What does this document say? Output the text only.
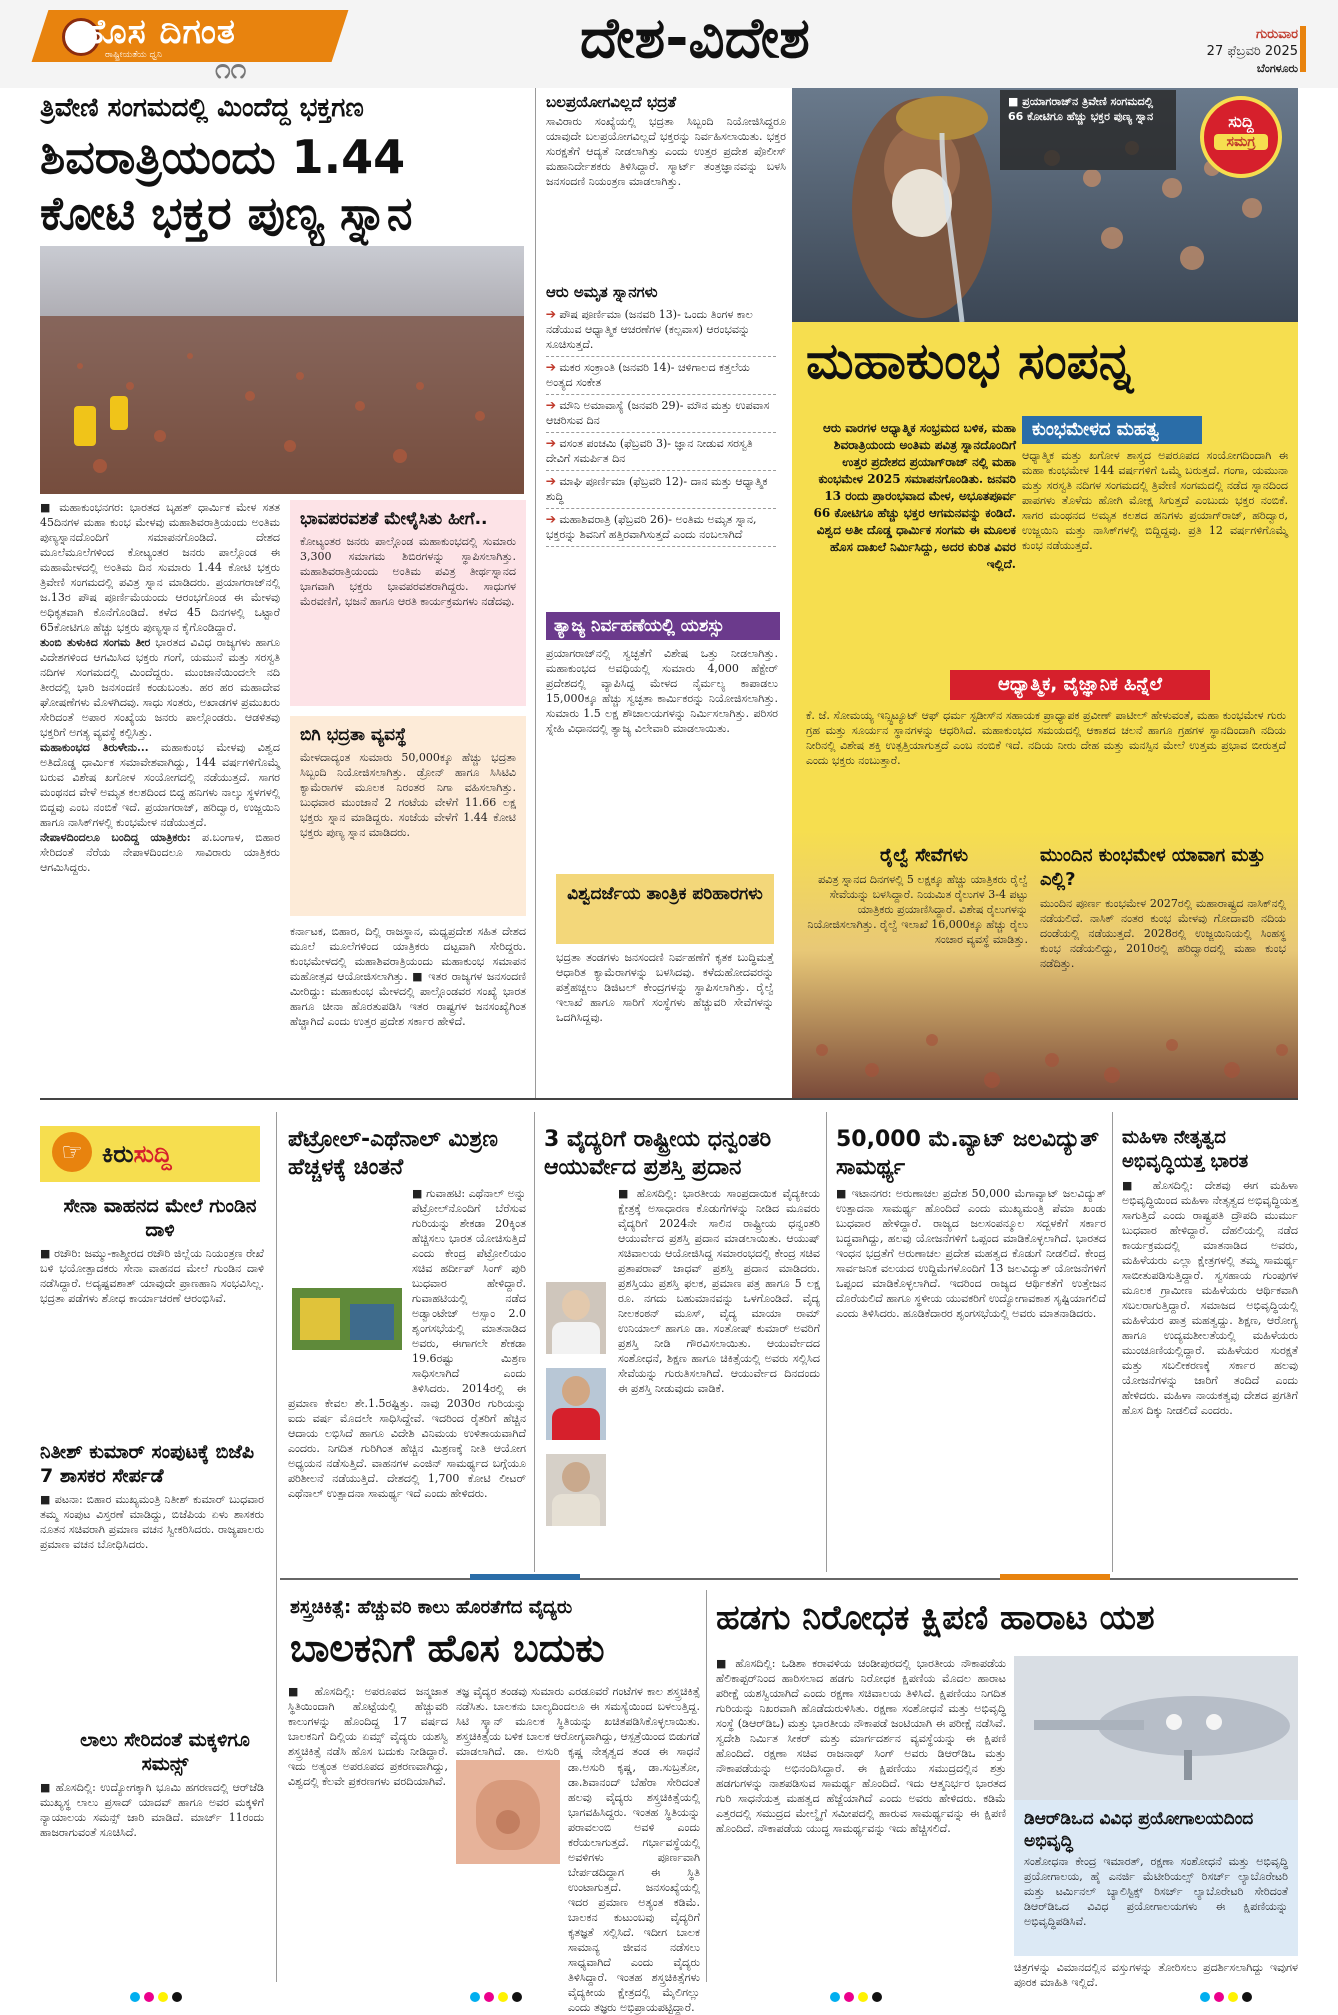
ಹೊಸ ದಿಗಂತ
ರಾಷ್ಟ್ರೀಯತೆಯ ಧ್ವನಿ ೧೧	ದೇಶ-ವಿದೇಶ	ಗುರುವಾರ
27 ಫೆಬ್ರವರಿ 2025
ಬೆಂಗಳೂರು
ತ್ರಿವೇಣಿ ಸಂಗಮದಲ್ಲಿ ಮಿಂದೆದ್ದ ಭಕ್ತಗಣ
ಶಿವರಾತ್ರಿಯಂದು 1.44
ಕೋಟಿ ಭಕ್ತರ ಪುಣ್ಯ ಸ್ನಾನ
■ ಮಹಾಕುಂಭನಗರ: ಭಾರತದ ಬೃಹತ್ ಧಾರ್ಮಿಕ ಮೇಳ ಸತತ 45ದಿನಗಳ ಮಹಾ ಕುಂಭ ಮೇಳವು ಮಹಾಶಿವರಾತ್ರಿಯಂದು ಅಂತಿಮ ಪುಣ್ಯಸ್ನಾನದೊಂದಿಗೆ ಸಮಾಪನಗೊಂಡಿದೆ. ದೇಶದ ಮೂಲೆಮೂಲೆಗಳಿಂದ ಕೋಟ್ಯಂತರ ಜನರು ಪಾಲ್ಗೊಂಡ ಈ ಮಹಾಮೇಳದಲ್ಲಿ ಅಂತಿಮ ದಿನ ಸುಮಾರು 1.44 ಕೋಟಿ ಭಕ್ತರು ತ್ರಿವೇಣಿ ಸಂಗಮದಲ್ಲಿ ಪವಿತ್ರ ಸ್ನಾನ ಮಾಡಿದರು. ಪ್ರಯಾಗರಾಜ್‌ನಲ್ಲಿ ಜ.13ರ ಪೌಷ ಪೂರ್ಣಿಮೆಯಂದು ಆರಂಭಗೊಂಡ ಈ ಮೇಳವು ಅಧಿಕೃತವಾಗಿ ಕೊನೆಗೊಂಡಿದೆ. ಕಳೆದ 45 ದಿನಗಳಲ್ಲಿ ಒಟ್ಟಾರೆ 65ಕೋಟಿಗೂ ಹೆಚ್ಚು ಭಕ್ತರು ಪುಣ್ಯಸ್ನಾನ ಕೈಗೊಂಡಿದ್ದಾರೆ.
ತುಂಬಿ ತುಳುಕಿದ ಸಂಗಮ ತೀರ ಭಾರತದ ವಿವಿಧ ರಾಜ್ಯಗಳು ಹಾಗೂ ವಿದೇಶಗಳಿಂದ ಆಗಮಿಸಿದ ಭಕ್ತರು ಗಂಗೆ, ಯಮುನೆ ಮತ್ತು ಸರಸ್ವತಿ ನದಿಗಳ ಸಂಗಮದಲ್ಲಿ ಮಿಂದೆದ್ದರು. ಮುಂಜಾನೆಯಿಂದಲೇ ನದಿ ತೀರದಲ್ಲಿ ಭಾರಿ ಜನಸಂದಣಿ ಕಂಡುಬಂತು. ಹರ ಹರ ಮಹಾದೇವ ಘೋಷಣೆಗಳು ಮೊಳಗಿದವು. ಸಾಧು ಸಂತರು, ಅಖಾಡಗಳ ಪ್ರಮುಖರು ಸೇರಿದಂತೆ ಅಪಾರ ಸಂಖ್ಯೆಯ ಜನರು ಪಾಲ್ಗೊಂಡರು. ಆಡಳಿತವು ಭಕ್ತರಿಗೆ ಅಗತ್ಯ ವ್ಯವಸ್ಥೆ ಕಲ್ಪಿಸಿತ್ತು.
ಮಹಾಕುಂಭದ ತಿರುಳೇನು... ಮಹಾಕುಂಭ ಮೇಳವು ವಿಶ್ವದ ಅತಿದೊಡ್ಡ ಧಾರ್ಮಿಕ ಸಮಾವೇಶವಾಗಿದ್ದು, 144 ವರ್ಷಗಳಿಗೊಮ್ಮೆ ಬರುವ ವಿಶೇಷ ಖಗೋಳ ಸಂಯೋಗದಲ್ಲಿ ನಡೆಯುತ್ತದೆ. ಸಾಗರ ಮಂಥನದ ವೇಳೆ ಅಮೃತ ಕಲಶದಿಂದ ಬಿದ್ದ ಹನಿಗಳು ನಾಲ್ಕು ಸ್ಥಳಗಳಲ್ಲಿ ಬಿದ್ದವು ಎಂಬ ನಂಬಿಕೆ ಇದೆ. ಪ್ರಯಾಗರಾಜ್, ಹರಿದ್ವಾರ, ಉಜ್ಜಯಿನಿ ಹಾಗೂ ನಾಸಿಕ್‌ಗಳಲ್ಲಿ ಕುಂಭಮೇಳ ನಡೆಯುತ್ತದೆ.
ನೇಪಾಳದಿಂದಲೂ ಬಂದಿದ್ದ ಯಾತ್ರಿಕರು: ಪ.ಬಂಗಾಳ, ಬಿಹಾರ ಸೇರಿದಂತೆ ನೆರೆಯ ನೇಪಾಳದಿಂದಲೂ ಸಾವಿರಾರು ಯಾತ್ರಿಕರು ಆಗಮಿಸಿದ್ದರು.
ಭಾವಪರವಶತೆ ಮೇಳೈಸಿತು ಹೀಗೆ..
ಕೋಟ್ಯಂತರ ಜನರು ಪಾಲ್ಗೊಂಡ ಮಹಾಕುಂಭದಲ್ಲಿ ಸುಮಾರು 3,300 ಸಮಾಗಮ ಶಿಬಿರಗಳನ್ನು ಸ್ಥಾಪಿಸಲಾಗಿತ್ತು. ಮಹಾಶಿವರಾತ್ರಿಯಂದು ಅಂತಿಮ ಪವಿತ್ರ ತೀರ್ಥಸ್ನಾನದ ಭಾಗವಾಗಿ ಭಕ್ತರು ಭಾವಪರವಶರಾಗಿದ್ದರು. ಸಾಧುಗಳ ಮೆರವಣಿಗೆ, ಭಜನೆ ಹಾಗೂ ಆರತಿ ಕಾರ್ಯಕ್ರಮಗಳು ನಡೆದವು.
ಬಿಗಿ ಭದ್ರತಾ ವ್ಯವಸ್ಥೆ
ಮೇಳದಾದ್ಯಂತ ಸುಮಾರು 50,000ಕ್ಕೂ ಹೆಚ್ಚು ಭದ್ರತಾ ಸಿಬ್ಬಂದಿ ನಿಯೋಜಿಸಲಾಗಿತ್ತು. ಡ್ರೋನ್ ಹಾಗೂ ಸಿಸಿಟಿವಿ ಕ್ಯಾಮೆರಾಗಳ ಮೂಲಕ ನಿರಂತರ ನಿಗಾ ವಹಿಸಲಾಗಿತ್ತು. ಬುಧವಾರ ಮುಂಜಾನೆ 2 ಗಂಟೆಯ ವೇಳೆಗೆ 11.66 ಲಕ್ಷ ಭಕ್ತರು ಸ್ನಾನ ಮಾಡಿದ್ದರು. ಸಂಜೆಯ ವೇಳೆಗೆ 1.44 ಕೋಟಿ ಭಕ್ತರು ಪುಣ್ಯ ಸ್ನಾನ ಮಾಡಿದರು.
ಕರ್ನಾಟಕ, ಬಿಹಾರ, ದಿಲ್ಲಿ ರಾಜಸ್ಥಾನ, ಮಧ್ಯಪ್ರದೇಶ ಸಹಿತ ದೇಶದ ಮೂಲೆ ಮೂಲೆಗಳಿಂದ ಯಾತ್ರಿಕರು ದಟ್ಟವಾಗಿ ಸೇರಿದ್ದರು. ಕುಂಭಮೇಳದಲ್ಲಿ ಮಹಾಶಿವರಾತ್ರಿಯಂದು ಮಹಾಕುಂಭ ಸಮಾಪನ ಮಹೋತ್ಸವ ಆಯೋಜಿಸಲಾಗಿತ್ತು. ■ ಇತರ ರಾಜ್ಯಗಳ ಜನಸಂದಣಿ ಮೀರಿದ್ದು: ಮಹಾಕುಂಭ ಮೇಳದಲ್ಲಿ ಪಾಲ್ಗೊಂಡವರ ಸಂಖ್ಯೆ ಭಾರತ ಹಾಗೂ ಚೀನಾ ಹೊರತುಪಡಿಸಿ ಇತರ ರಾಷ್ಟ್ರಗಳ ಜನಸಂಖ್ಯೆಗಿಂತ ಹೆಚ್ಚಾಗಿದೆ ಎಂದು ಉತ್ತರ ಪ್ರದೇಶ ಸರ್ಕಾರ ಹೇಳಿದೆ.
ಬಲಪ್ರಯೋಗವಿಲ್ಲದೆ ಭದ್ರತೆ
ಸಾವಿರಾರು ಸಂಖ್ಯೆಯಲ್ಲಿ ಭದ್ರತಾ ಸಿಬ್ಬಂದಿ ನಿಯೋಜಿಸಿದ್ದರೂ ಯಾವುದೇ ಬಲಪ್ರಯೋಗವಿಲ್ಲದೆ ಭಕ್ತರನ್ನು ನಿರ್ವಹಿಸಲಾಯಿತು. ಭಕ್ತರ ಸುರಕ್ಷತೆಗೆ ಆದ್ಯತೆ ನೀಡಲಾಗಿತ್ತು ಎಂದು ಉತ್ತರ ಪ್ರದೇಶ ಪೊಲೀಸ್ ಮಹಾನಿರ್ದೇಶಕರು ತಿಳಿಸಿದ್ದಾರೆ. ಸ್ಮಾರ್ಟ್ ತಂತ್ರಜ್ಞಾನವನ್ನು ಬಳಸಿ ಜನಸಂದಣಿ ನಿಯಂತ್ರಣ ಮಾಡಲಾಗಿತ್ತು.
ಆರು ಅಮೃತ ಸ್ನಾನಗಳು
➔ ಪೌಷ ಪೂರ್ಣಿಮಾ (ಜನವರಿ 13)- ಒಂದು ತಿಂಗಳ ಕಾಲ ನಡೆಯುವ ಆಧ್ಯಾತ್ಮಿಕ ಆಚರಣೆಗಳ (ಕಲ್ಪವಾಸ) ಆರಂಭವನ್ನು ಸೂಚಿಸುತ್ತದೆ.
➔ ಮಕರ ಸಂಕ್ರಾಂತಿ (ಜನವರಿ 14)- ಚಳಿಗಾಲದ ಕತ್ತಲೆಯ ಅಂತ್ಯದ ಸಂಕೇತ
➔ ಮೌನಿ ಅಮಾವಾಸ್ಯೆ (ಜನವರಿ 29)- ಮೌನ ಮತ್ತು ಉಪವಾಸ ಆಚರಿಸುವ ದಿನ
➔ ವಸಂತ ಪಂಚಮಿ (ಫೆಬ್ರವರಿ 3)- ಜ್ಞಾನ ನೀಡುವ ಸರಸ್ವತಿ ದೇವಿಗೆ ಸಮರ್ಪಿತ ದಿನ
➔ ಮಾಘಿ ಪೂರ್ಣಿಮಾ (ಫೆಬ್ರವರಿ 12)- ದಾನ ಮತ್ತು ಆಧ್ಯಾತ್ಮಿಕ ಶುದ್ಧಿ
➔ ಮಹಾಶಿವರಾತ್ರಿ (ಫೆಬ್ರವರಿ 26)- ಅಂತಿಮ ಅಮೃತ ಸ್ನಾನ, ಭಕ್ತರನ್ನು ಶಿವನಿಗೆ ಹತ್ತಿರವಾಗಿಸುತ್ತದೆ ಎಂದು ನಂಬಲಾಗಿದೆ
ತ್ಯಾಜ್ಯ ನಿರ್ವಹಣೆಯಲ್ಲಿ ಯಶಸ್ಸು
ಪ್ರಯಾಗರಾಜ್‌ನಲ್ಲಿ ಸ್ವಚ್ಛತೆಗೆ ವಿಶೇಷ ಒತ್ತು ನೀಡಲಾಗಿತ್ತು. ಮಹಾಕುಂಭದ ಅವಧಿಯಲ್ಲಿ ಸುಮಾರು 4,000 ಹೆಕ್ಟೇರ್ ಪ್ರದೇಶದಲ್ಲಿ ವ್ಯಾಪಿಸಿದ್ದ ಮೇಳದ ನೈರ್ಮಲ್ಯ ಕಾಪಾಡಲು 15,000ಕ್ಕೂ ಹೆಚ್ಚು ಸ್ವಚ್ಛತಾ ಕಾರ್ಮಿಕರನ್ನು ನಿಯೋಜಿಸಲಾಗಿತ್ತು. ಸುಮಾರು 1.5 ಲಕ್ಷ ಶೌಚಾಲಯಗಳನ್ನು ನಿರ್ಮಿಸಲಾಗಿತ್ತು. ಪರಿಸರ ಸ್ನೇಹಿ ವಿಧಾನದಲ್ಲಿ ತ್ಯಾಜ್ಯ ವಿಲೇವಾರಿ ಮಾಡಲಾಯಿತು.
ವಿಶ್ವದರ್ಜೆಯ ತಾಂತ್ರಿಕ ಪರಿಹಾರಗಳು
ಭದ್ರತಾ ತಂಡಗಳು ಜನಸಂದಣಿ ನಿರ್ವಹಣೆಗೆ ಕೃತಕ ಬುದ್ಧಿಮತ್ತೆ ಆಧಾರಿತ ಕ್ಯಾಮೆರಾಗಳನ್ನು ಬಳಸಿದವು. ಕಳೆದುಹೋದವರನ್ನು ಪತ್ತೆಹಚ್ಚಲು ಡಿಜಿಟಲ್ ಕೇಂದ್ರಗಳನ್ನು ಸ್ಥಾಪಿಸಲಾಗಿತ್ತು. ರೈಲ್ವೆ ಇಲಾಖೆ ಹಾಗೂ ಸಾರಿಗೆ ಸಂಸ್ಥೆಗಳು ಹೆಚ್ಚುವರಿ ಸೇವೆಗಳನ್ನು ಒದಗಿಸಿದ್ದವು.
■ ಪ್ರಯಾಗರಾಜ್‌ನ ತ್ರಿವೇಣಿ ಸಂಗಮದಲ್ಲಿ 66 ಕೋಟಿಗೂ ಹೆಚ್ಚು ಭಕ್ತರ ಪುಣ್ಯ ಸ್ನಾನ	ಸುದ್ದಿ
ಸಮಗ್ರ
ಮಹಾಕುಂಭ ಸಂಪನ್ನ
ಆರು ವಾರಗಳ ಆಧ್ಯಾತ್ಮಿಕ ಸಂಭ್ರಮದ ಬಳಿಕ, ಮಹಾ ಶಿವರಾತ್ರಿಯಂದು ಅಂತಿಮ ಪವಿತ್ರ ಸ್ನಾನದೊಂದಿಗೆ ಉತ್ತರ ಪ್ರದೇಶದ ಪ್ರಯಾಗ್‌ರಾಜ್ ನಲ್ಲಿ ಮಹಾ ಕುಂಭಮೇಳ 2025 ಸಮಾಪನಗೊಂಡಿತು. ಜನವರಿ 13 ರಂದು ಪ್ರಾರಂಭವಾದ ಮೇಳ, ಅಭೂತಪೂರ್ವ 66 ಕೋಟಿಗೂ ಹೆಚ್ಚು ಭಕ್ತರ ಆಗಮನವನ್ನು ಕಂಡಿದೆ. ವಿಶ್ವದ ಅತೀ ದೊಡ್ಡ ಧಾರ್ಮಿಕ ಸಂಗಮ ಈ ಮೂಲಕ ಹೊಸ ದಾಖಲೆ ನಿರ್ಮಿಸಿದ್ದು, ಅದರ ಕುರಿತ ವಿವರ ಇಲ್ಲಿದೆ.
ಕುಂಭಮೇಳದ ಮಹತ್ವ
ಆಧ್ಯಾತ್ಮಿಕ ಮತ್ತು ಖಗೋಳ ಶಾಸ್ತ್ರದ ಅಪರೂಪದ ಸಂಯೋಗದಿಂದಾಗಿ ಈ ಮಹಾ ಕುಂಭಮೇಳ 144 ವರ್ಷಗಳಿಗೆ ಒಮ್ಮೆ ಬರುತ್ತದೆ. ಗಂಗಾ, ಯಮುನಾ ಮತ್ತು ಸರಸ್ವತಿ ನದಿಗಳ ಸಂಗಮದಲ್ಲಿ ತ್ರಿವೇಣಿ ಸಂಗಮದಲ್ಲಿ ನಡೆದ ಸ್ನಾನದಿಂದ ಪಾಪಗಳು ತೊಳೆದು ಹೋಗಿ ಮೋಕ್ಷ ಸಿಗುತ್ತದೆ ಎಂಬುದು ಭಕ್ತರ ನಂಬಿಕೆ. ಸಾಗರ ಮಂಥನದ ಅಮೃತ ಕಲಶದ ಹನಿಗಳು ಪ್ರಯಾಗ್‌ರಾಜ್, ಹರಿದ್ವಾರ, ಉಜ್ಜಯಿನಿ ಮತ್ತು ನಾಸಿಕ್‌ಗಳಲ್ಲಿ ಬಿದ್ದಿದ್ದವು. ಪ್ರತಿ 12 ವರ್ಷಗಳಿಗೊಮ್ಮೆ ಕುಂಭ ನಡೆಯುತ್ತದೆ.
ಆಧ್ಯಾತ್ಮಿಕ, ವೈಜ್ಞಾನಿಕ ಹಿನ್ನೆಲೆ
ಕೆ. ಜೆ. ಸೋಮಯ್ಯ ಇನ್ಸ್ಟಿಟ್ಯೂಟ್ ಆಫ್ ಧರ್ಮ ಸ್ಟಡೀಸ್‌ನ ಸಹಾಯಕ ಪ್ರಾಧ್ಯಾಪಕ ಪ್ರವೀಣ್ ಪಾಟೀಲ್ ಹೇಳುವಂತೆ, ಮಹಾ ಕುಂಭಮೇಳ ಗುರು ಗ್ರಹ ಮತ್ತು ಸೂರ್ಯನ ಸ್ಥಾನಗಳನ್ನು ಆಧರಿಸಿದೆ. ಮಹಾಕುಂಭದ ಸಮಯದಲ್ಲಿ ಆಕಾಶದ ಚಲನೆ ಹಾಗೂ ಗ್ರಹಗಳ ಸ್ಥಾನದಿಂದಾಗಿ ನದಿಯ ನೀರಿನಲ್ಲಿ ವಿಶೇಷ ಶಕ್ತಿ ಉತ್ಪತ್ತಿಯಾಗುತ್ತದೆ ಎಂಬ ನಂಬಿಕೆ ಇದೆ. ನದಿಯ ನೀರು ದೇಹ ಮತ್ತು ಮನಸ್ಸಿನ ಮೇಲೆ ಉತ್ತಮ ಪ್ರಭಾವ ಬೀರುತ್ತದೆ ಎಂದು ಭಕ್ತರು ನಂಬುತ್ತಾರೆ.
ರೈಲ್ವೆ ಸೇವೆಗಳು
ಪವಿತ್ರ ಸ್ನಾನದ ದಿನಗಳಲ್ಲಿ 5 ಲಕ್ಷಕ್ಕೂ ಹೆಚ್ಚು ಯಾತ್ರಿಕರು ರೈಲ್ವೆ ಸೇವೆಯನ್ನು ಬಳಸಿದ್ದಾರೆ. ನಿಯಮಿತ ರೈಲುಗಳ 3-4 ಪಟ್ಟು ಯಾತ್ರಿಕರು ಪ್ರಯಾಣಿಸಿದ್ದಾರೆ. ವಿಶೇಷ ರೈಲುಗಳನ್ನು ನಿಯೋಜಿಸಲಾಗಿತ್ತು. ರೈಲ್ವೆ ಇಲಾಖೆ 16,000ಕ್ಕೂ ಹೆಚ್ಚು ರೈಲು ಸಂಚಾರ ವ್ಯವಸ್ಥೆ ಮಾಡಿತ್ತು.
ಮುಂದಿನ ಕುಂಭಮೇಳ ಯಾವಾಗ ಮತ್ತು ಎಲ್ಲಿ?
ಮುಂದಿನ ಪೂರ್ಣ ಕುಂಭಮೇಳ 2027ರಲ್ಲಿ ಮಹಾರಾಷ್ಟ್ರದ ನಾಸಿಕ್‌ನಲ್ಲಿ ನಡೆಯಲಿದೆ. ನಾಸಿಕ್ ನಂತರ ಕುಂಭ ಮೇಳವು ಗೋದಾವರಿ ನದಿಯ ದಂಡೆಯಲ್ಲಿ ನಡೆಯುತ್ತದೆ. 2028ರಲ್ಲಿ ಉಜ್ಜಯಿನಿಯಲ್ಲಿ ಸಿಂಹಸ್ಥ ಕುಂಭ ನಡೆಯಲಿದ್ದು, 2010ರಲ್ಲಿ ಹರಿದ್ವಾರದಲ್ಲಿ ಮಹಾ ಕುಂಭ ನಡೆದಿತ್ತು.
☞ ಕಿರುಸುದ್ದಿ
ಸೇನಾ ವಾಹನದ ಮೇಲೆ ಗುಂಡಿನ ದಾಳಿ
■ ರಜೌರಿ: ಜಮ್ಮು-ಕಾಶ್ಮೀರದ ರಜೌರಿ ಜಿಲ್ಲೆಯ ನಿಯಂತ್ರಣ ರೇಖೆ ಬಳಿ ಭಯೋತ್ಪಾದಕರು ಸೇನಾ ವಾಹನದ ಮೇಲೆ ಗುಂಡಿನ ದಾಳಿ ನಡೆಸಿದ್ದಾರೆ. ಅದೃಷ್ಟವಶಾತ್ ಯಾವುದೇ ಪ್ರಾಣಹಾನಿ ಸಂಭವಿಸಿಲ್ಲ. ಭದ್ರತಾ ಪಡೆಗಳು ಶೋಧ ಕಾರ್ಯಾಚರಣೆ ಆರಂಭಿಸಿವೆ.
ನಿತೀಶ್ ಕುಮಾರ್ ಸಂಪುಟಕ್ಕೆ ಬಿಜೆಪಿ 7 ಶಾಸಕರ ಸೇರ್ಪಡೆ
■ ಪಟನಾ: ಬಿಹಾರ ಮುಖ್ಯಮಂತ್ರಿ ನಿತೀಶ್ ಕುಮಾರ್ ಬುಧವಾರ ತಮ್ಮ ಸಂಪುಟ ವಿಸ್ತರಣೆ ಮಾಡಿದ್ದು, ಬಿಜೆಪಿಯ ಏಳು ಶಾಸಕರು ನೂತನ ಸಚಿವರಾಗಿ ಪ್ರಮಾಣ ವಚನ ಸ್ವೀಕರಿಸಿದರು. ರಾಜ್ಯಪಾಲರು ಪ್ರಮಾಣ ವಚನ ಬೋಧಿಸಿದರು.
ಲಾಲು ಸೇರಿದಂತೆ ಮಕ್ಕಳಿಗೂ ಸಮನ್ಸ್
■ ಹೊಸದಿಲ್ಲಿ: ಉದ್ಯೋಗಕ್ಕಾಗಿ ಭೂಮಿ ಹಗರಣದಲ್ಲಿ ಆರ್‌ಜೆಡಿ ಮುಖ್ಯಸ್ಥ ಲಾಲು ಪ್ರಸಾದ್ ಯಾದವ್ ಹಾಗೂ ಅವರ ಮಕ್ಕಳಿಗೆ ನ್ಯಾಯಾಲಯ ಸಮನ್ಸ್ ಜಾರಿ ಮಾಡಿದೆ. ಮಾರ್ಚ್ 11ರಂದು ಹಾಜರಾಗುವಂತೆ ಸೂಚಿಸಿದೆ.
ಪೆಟ್ರೋಲ್-ಎಥೆನಾಲ್ ಮಿಶ್ರಣ ಹೆಚ್ಚಳಕ್ಕೆ ಚಿಂತನೆ
■ ಗುವಾಹಟಿ: ಎಥೆನಾಲ್ ಅನ್ನು ಪೆಟ್ರೋಲ್‌ನೊಂದಿಗೆ ಬೆರೆಸುವ ಗುರಿಯನ್ನು ಶೇಕಡಾ 20ಕ್ಕಿಂತ ಹೆಚ್ಚಿಸಲು ಭಾರತ ಯೋಚಿಸುತ್ತಿದೆ ಎಂದು ಕೇಂದ್ರ ಪೆಟ್ರೋಲಿಯಂ ಸಚಿವ ಹರ್ದೀಪ್ ಸಿಂಗ್ ಪುರಿ ಬುಧವಾರ ಹೇಳಿದ್ದಾರೆ. ಗುವಾಹಟಿಯಲ್ಲಿ ನಡೆದ ಅಡ್ವಾಂಟೇಜ್ ಅಸ್ಸಾಂ 2.0 ಶೃಂಗಸಭೆಯಲ್ಲಿ ಮಾತನಾಡಿದ ಅವರು, ಈಗಾಗಲೇ ಶೇಕಡಾ 19.6ರಷ್ಟು ಮಿಶ್ರಣ ಸಾಧಿಸಲಾಗಿದೆ ಎಂದು ತಿಳಿಸಿದರು. 2014ರಲ್ಲಿ ಈ ಪ್ರಮಾಣ ಕೇವಲ ಶೇ.1.5ರಷ್ಟಿತ್ತು. ನಾವು 2030ರ ಗುರಿಯನ್ನು ಐದು ವರ್ಷ ಮೊದಲೇ ಸಾಧಿಸಿದ್ದೇವೆ. ಇದರಿಂದ ರೈತರಿಗೆ ಹೆಚ್ಚಿನ ಆದಾಯ ಲಭಿಸಿದೆ ಹಾಗೂ ವಿದೇಶಿ ವಿನಿಮಯ ಉಳಿತಾಯವಾಗಿದೆ ಎಂದರು. ನಿಗದಿತ ಗುರಿಗಿಂತ ಹೆಚ್ಚಿನ ಮಿಶ್ರಣಕ್ಕೆ ನೀತಿ ಆಯೋಗ ಅಧ್ಯಯನ ನಡೆಸುತ್ತಿದೆ. ವಾಹನಗಳ ಎಂಜಿನ್ ಸಾಮರ್ಥ್ಯದ ಬಗ್ಗೆಯೂ ಪರಿಶೀಲನೆ ನಡೆಯುತ್ತಿದೆ. ದೇಶದಲ್ಲಿ 1,700 ಕೋಟಿ ಲೀಟರ್ ಎಥೆನಾಲ್ ಉತ್ಪಾದನಾ ಸಾಮರ್ಥ್ಯ ಇದೆ ಎಂದು ಹೇಳಿದರು.
3 ವೈದ್ಯರಿಗೆ ರಾಷ್ಟ್ರೀಯ ಧನ್ವಂತರಿ ಆಯುರ್ವೇದ ಪ್ರಶಸ್ತಿ ಪ್ರದಾನ
■ ಹೊಸದಿಲ್ಲಿ: ಭಾರತೀಯ ಸಾಂಪ್ರದಾಯಿಕ ವೈದ್ಯಕೀಯ ಕ್ಷೇತ್ರಕ್ಕೆ ಅಸಾಧಾರಣ ಕೊಡುಗೆಗಳನ್ನು ನೀಡಿದ ಮೂವರು ವೈದ್ಯರಿಗೆ 2024ನೇ ಸಾಲಿನ ರಾಷ್ಟ್ರೀಯ ಧನ್ವಂತರಿ ಆಯುರ್ವೇದ ಪ್ರಶಸ್ತಿ ಪ್ರದಾನ ಮಾಡಲಾಯಿತು. ಆಯುಷ್ ಸಚಿವಾಲಯ ಆಯೋಜಿಸಿದ್ದ ಸಮಾರಂಭದಲ್ಲಿ ಕೇಂದ್ರ ಸಚಿವ ಪ್ರತಾಪರಾವ್ ಜಾಧವ್ ಪ್ರಶಸ್ತಿ ಪ್ರದಾನ ಮಾಡಿದರು. ಪ್ರಶಸ್ತಿಯು ಪ್ರಶಸ್ತಿ ಫಲಕ, ಪ್ರಮಾಣ ಪತ್ರ ಹಾಗೂ 5 ಲಕ್ಷ ರೂ. ನಗದು ಬಹುಮಾನವನ್ನು ಒಳಗೊಂಡಿದೆ. ವೈದ್ಯ ನೀಲಕಂಠನ್ ಮೂಸ್, ವೈದ್ಯ ಮಾಯಾ ರಾಮ್ ಉನಿಯಾಲ್ ಹಾಗೂ ಡಾ. ಸಂತೋಷ್ ಕುಮಾರ್ ಅವರಿಗೆ ಪ್ರಶಸ್ತಿ ನೀಡಿ ಗೌರವಿಸಲಾಯಿತು. ಆಯುರ್ವೇದದ ಸಂಶೋಧನೆ, ಶಿಕ್ಷಣ ಹಾಗೂ ಚಿಕಿತ್ಸೆಯಲ್ಲಿ ಅವರು ಸಲ್ಲಿಸಿದ ಸೇವೆಯನ್ನು ಗುರುತಿಸಲಾಗಿದೆ. ಆಯುರ್ವೇದ ದಿನದಂದು ಈ ಪ್ರಶಸ್ತಿ ನೀಡುವುದು ವಾಡಿಕೆ.
50,000 ಮೆ.ವ್ಯಾಟ್ ಜಲವಿದ್ಯುತ್ ಸಾಮರ್ಥ್ಯ
■ ಇಟಾನಗರ: ಅರುಣಾಚಲ ಪ್ರದೇಶ 50,000 ಮೆಗಾವ್ಯಾಟ್ ಜಲವಿದ್ಯುತ್ ಉತ್ಪಾದನಾ ಸಾಮರ್ಥ್ಯ ಹೊಂದಿದೆ ಎಂದು ಮುಖ್ಯಮಂತ್ರಿ ಪೆಮಾ ಖಂಡು ಬುಧವಾರ ಹೇಳಿದ್ದಾರೆ. ರಾಜ್ಯದ ಜಲಸಂಪನ್ಮೂಲ ಸದ್ಬಳಕೆಗೆ ಸರ್ಕಾರ ಬದ್ಧವಾಗಿದ್ದು, ಹಲವು ಯೋಜನೆಗಳಿಗೆ ಒಪ್ಪಂದ ಮಾಡಿಕೊಳ್ಳಲಾಗಿದೆ. ಭಾರತದ ಇಂಧನ ಭದ್ರತೆಗೆ ಅರುಣಾಚಲ ಪ್ರದೇಶ ಮಹತ್ವದ ಕೊಡುಗೆ ನೀಡಲಿದೆ. ಕೇಂದ್ರ ಸಾರ್ವಜನಿಕ ವಲಯದ ಉದ್ದಿಮೆಗಳೊಂದಿಗೆ 13 ಜಲವಿದ್ಯುತ್ ಯೋಜನೆಗಳಿಗೆ ಒಪ್ಪಂದ ಮಾಡಿಕೊಳ್ಳಲಾಗಿದೆ. ಇದರಿಂದ ರಾಜ್ಯದ ಆರ್ಥಿಕತೆಗೆ ಉತ್ತೇಜನ ದೊರೆಯಲಿದೆ ಹಾಗೂ ಸ್ಥಳೀಯ ಯುವಕರಿಗೆ ಉದ್ಯೋಗಾವಕಾಶ ಸೃಷ್ಟಿಯಾಗಲಿದೆ ಎಂದು ತಿಳಿಸಿದರು. ಹೂಡಿಕೆದಾರರ ಶೃಂಗಸಭೆಯಲ್ಲಿ ಅವರು ಮಾತನಾಡಿದರು.
ಮಹಿಳಾ ನೇತೃತ್ವದ ಅಭಿವೃದ್ಧಿಯತ್ತ ಭಾರತ
■ ಹೊಸದಿಲ್ಲಿ: ದೇಶವು ಈಗ ಮಹಿಳಾ ಅಭಿವೃದ್ಧಿಯಿಂದ ಮಹಿಳಾ ನೇತೃತ್ವದ ಅಭಿವೃದ್ಧಿಯತ್ತ ಸಾಗುತ್ತಿದೆ ಎಂದು ರಾಷ್ಟ್ರಪತಿ ದ್ರೌಪದಿ ಮುರ್ಮು ಬುಧವಾರ ಹೇಳಿದ್ದಾರೆ. ದೆಹಲಿಯಲ್ಲಿ ನಡೆದ ಕಾರ್ಯಕ್ರಮದಲ್ಲಿ ಮಾತನಾಡಿದ ಅವರು, ಮಹಿಳೆಯರು ಎಲ್ಲಾ ಕ್ಷೇತ್ರಗಳಲ್ಲಿ ತಮ್ಮ ಸಾಮರ್ಥ್ಯ ಸಾಬೀತುಪಡಿಸುತ್ತಿದ್ದಾರೆ. ಸ್ವಸಹಾಯ ಗುಂಪುಗಳ ಮೂಲಕ ಗ್ರಾಮೀಣ ಮಹಿಳೆಯರು ಆರ್ಥಿಕವಾಗಿ ಸಬಲರಾಗುತ್ತಿದ್ದಾರೆ. ಸಮಾಜದ ಅಭಿವೃದ್ಧಿಯಲ್ಲಿ ಮಹಿಳೆಯರ ಪಾತ್ರ ಮಹತ್ವದ್ದು. ಶಿಕ್ಷಣ, ಆರೋಗ್ಯ ಹಾಗೂ ಉದ್ಯಮಶೀಲತೆಯಲ್ಲಿ ಮಹಿಳೆಯರು ಮುಂಚೂಣಿಯಲ್ಲಿದ್ದಾರೆ. ಮಹಿಳೆಯರ ಸುರಕ್ಷತೆ ಮತ್ತು ಸಬಲೀಕರಣಕ್ಕೆ ಸರ್ಕಾರ ಹಲವು ಯೋಜನೆಗಳನ್ನು ಜಾರಿಗೆ ತಂದಿದೆ ಎಂದು ಹೇಳಿದರು. ಮಹಿಳಾ ನಾಯಕತ್ವವು ದೇಶದ ಪ್ರಗತಿಗೆ ಹೊಸ ದಿಕ್ಕು ನೀಡಲಿದೆ ಎಂದರು.
ಶಸ್ತ್ರಚಿಕಿತ್ಸೆ: ಹೆಚ್ಚುವರಿ ಕಾಲು ಹೊರತೆಗೆದ ವೈದ್ಯರು
ಬಾಲಕನಿಗೆ ಹೊಸ ಬದುಕು
■ ಹೊಸದಿಲ್ಲಿ: ಅಪರೂಪದ ಜನ್ಮಜಾತ ಸ್ಥಿತಿಯಿಂದಾಗಿ ಹೊಟ್ಟೆಯಲ್ಲಿ ಹೆಚ್ಚುವರಿ ಕಾಲುಗಳನ್ನು ಹೊಂದಿದ್ದ 17 ವರ್ಷದ ಬಾಲಕನಿಗೆ ದಿಲ್ಲಿಯ ಏಮ್ಸ್ ವೈದ್ಯರು ಯಶಸ್ವಿ ಶಸ್ತ್ರಚಿಕಿತ್ಸೆ ನಡೆಸಿ ಹೊಸ ಬದುಕು ನೀಡಿದ್ದಾರೆ. ಇದು ಅತ್ಯಂತ ಅಪರೂಪದ ಪ್ರಕರಣವಾಗಿದ್ದು, ವಿಶ್ವದಲ್ಲಿ ಕೆಲವೇ ಪ್ರಕರಣಗಳು ವರದಿಯಾಗಿವೆ.
ತಜ್ಞ ವೈದ್ಯರ ತಂಡವು ಸುಮಾರು ಎರಡೂವರೆ ಗಂಟೆಗಳ ಕಾಲ ಶಸ್ತ್ರಚಿಕಿತ್ಸೆ ನಡೆಸಿತು. ಬಾಲಕನು ಬಾಲ್ಯದಿಂದಲೂ ಈ ಸಮಸ್ಯೆಯಿಂದ ಬಳಲುತ್ತಿದ್ದ. ಸಿಟಿ ಸ್ಕ್ಯಾನ್ ಮೂಲಕ ಸ್ಥಿತಿಯನ್ನು ಖಚಿತಪಡಿಸಿಕೊಳ್ಳಲಾಯಿತು. ಶಸ್ತ್ರಚಿಕಿತ್ಸೆಯ ಬಳಿಕ ಬಾಲಕ ಆರೋಗ್ಯವಾಗಿದ್ದು, ಆಸ್ಪತ್ರೆಯಿಂದ ಬಿಡುಗಡೆ ಮಾಡಲಾಗಿದೆ. ಡಾ. ಅಸುರಿ ಕೃಷ್ಣ ನೇತೃತ್ವದ ತಂಡ ಈ ಸಾಧನೆ
ಡಾ.ಅಸುರಿ ಕೃಷ್ಣ, ಡಾ.ಸುಬ್ರತೋ, ಡಾ.ಶಿವಾನಂದ್ ಬೆಹೆರಾ ಸೇರಿದಂತೆ ಹಲವು ವೈದ್ಯರು ಶಸ್ತ್ರಚಿಕಿತ್ಸೆಯಲ್ಲಿ ಭಾಗವಹಿಸಿದ್ದರು. ಇಂತಹ ಸ್ಥಿತಿಯನ್ನು ಪರಾವಲಂಬಿ ಅವಳಿ ಎಂದು ಕರೆಯಲಾಗುತ್ತದೆ. ಗರ್ಭಾವಸ್ಥೆಯಲ್ಲಿ ಅವಳಿಗಳು ಪೂರ್ಣವಾಗಿ ಬೇರ್ಪಡದಿದ್ದಾಗ ಈ ಸ್ಥಿತಿ ಉಂಟಾಗುತ್ತದೆ. ಜನಸಂಖ್ಯೆಯಲ್ಲಿ ಇದರ ಪ್ರಮಾಣ ಅತ್ಯಂತ ಕಡಿಮೆ. ಬಾಲಕನ ಕುಟುಂಬವು ವೈದ್ಯರಿಗೆ ಕೃತಜ್ಞತೆ ಸಲ್ಲಿಸಿದೆ. ಇದೀಗ ಬಾಲಕ ಸಾಮಾನ್ಯ ಜೀವನ ನಡೆಸಲು ಸಾಧ್ಯವಾಗಿದೆ ಎಂದು ವೈದ್ಯರು ತಿಳಿಸಿದ್ದಾರೆ. ಇಂತಹ ಶಸ್ತ್ರಚಿಕಿತ್ಸೆಗಳು ವೈದ್ಯಕೀಯ ಕ್ಷೇತ್ರದಲ್ಲಿ ಮೈಲಿಗಲ್ಲು ಎಂದು ತಜ್ಞರು ಅಭಿಪ್ರಾಯಪಟ್ಟಿದ್ದಾರೆ.
ಹಡಗು ನಿರೋಧಕ ಕ್ಷಿಪಣಿ ಹಾರಾಟ ಯಶ
■ ಹೊಸದಿಲ್ಲಿ: ಒಡಿಶಾ ಕರಾವಳಿಯ ಚಂಡೀಪುರದಲ್ಲಿ ಭಾರತೀಯ ನೌಕಾಪಡೆಯ ಹೆಲಿಕಾಪ್ಟರ್‌ನಿಂದ ಹಾರಿಸಲಾದ ಹಡಗು ನಿರೋಧಕ ಕ್ಷಿಪಣಿಯ ಮೊದಲ ಹಾರಾಟ ಪರೀಕ್ಷೆ ಯಶಸ್ವಿಯಾಗಿದೆ ಎಂದು ರಕ್ಷಣಾ ಸಚಿವಾಲಯ ತಿಳಿಸಿದೆ. ಕ್ಷಿಪಣಿಯು ನಿಗದಿತ ಗುರಿಯನ್ನು ನಿಖರವಾಗಿ ಹೊಡೆದುರುಳಿಸಿತು. ರಕ್ಷಣಾ ಸಂಶೋಧನೆ ಮತ್ತು ಅಭಿವೃದ್ಧಿ ಸಂಸ್ಥೆ (ಡಿಆರ್‌ಡಿಒ) ಮತ್ತು ಭಾರತೀಯ ನೌಕಾಪಡೆ ಜಂಟಿಯಾಗಿ ಈ ಪರೀಕ್ಷೆ ನಡೆಸಿವೆ. ಸ್ವದೇಶಿ ನಿರ್ಮಿತ ಸೀಕರ್ ಮತ್ತು ಮಾರ್ಗದರ್ಶನ ವ್ಯವಸ್ಥೆಯನ್ನು ಈ ಕ್ಷಿಪಣಿ ಹೊಂದಿದೆ. ರಕ್ಷಣಾ ಸಚಿವ ರಾಜನಾಥ್ ಸಿಂಗ್ ಅವರು ಡಿಆರ್‌ಡಿಒ ಮತ್ತು ನೌಕಾಪಡೆಯನ್ನು ಅಭಿನಂದಿಸಿದ್ದಾರೆ. ಈ ಕ್ಷಿಪಣಿಯು ಸಮುದ್ರದಲ್ಲಿನ ಶತ್ರು ಹಡಗುಗಳನ್ನು ನಾಶಪಡಿಸುವ ಸಾಮರ್ಥ್ಯ ಹೊಂದಿದೆ. ಇದು ಆತ್ಮನಿರ್ಭರ ಭಾರತದ ಗುರಿ ಸಾಧನೆಯತ್ತ ಮಹತ್ವದ ಹೆಜ್ಜೆಯಾಗಿದೆ ಎಂದು ಅವರು ಹೇಳಿದರು. ಕಡಿಮೆ ಎತ್ತರದಲ್ಲಿ ಸಮುದ್ರದ ಮೇಲ್ಮೈಗೆ ಸಮೀಪದಲ್ಲಿ ಹಾರುವ ಸಾಮರ್ಥ್ಯವನ್ನು ಈ ಕ್ಷಿಪಣಿ ಹೊಂದಿದೆ. ನೌಕಾಪಡೆಯ ಯುದ್ಧ ಸಾಮರ್ಥ್ಯವನ್ನು ಇದು ಹೆಚ್ಚಿಸಲಿದೆ.	ಡಿಆರ್‌ಡಿಒದ ವಿವಿಧ ಪ್ರಯೋಗಾಲಯದಿಂದ ಅಭಿವೃದ್ಧಿ
ಸಂಶೋಧನಾ ಕೇಂದ್ರ ಇಮಾರತ್, ರಕ್ಷಣಾ ಸಂಶೋಧನೆ ಮತ್ತು ಅಭಿವೃದ್ಧಿ ಪ್ರಯೋಗಾಲಯ, ಹೈ ಎನರ್ಜಿ ಮೆಟೀರಿಯಲ್ಸ್ ರಿಸರ್ಚ್ ಲ್ಯಾಬೊರೇಟರಿ ಮತ್ತು ಟರ್ಮಿನಲ್ ಬ್ಯಾಲಿಸ್ಟಿಕ್ಸ್ ರಿಸರ್ಚ್ ಲ್ಯಾಬೊರೇಟರಿ ಸೇರಿದಂತೆ ಡಿಆರ್‌ಡಿಒದ ವಿವಿಧ ಪ್ರಯೋಗಾಲಯಗಳು ಈ ಕ್ಷಿಪಣಿಯನ್ನು ಅಭಿವೃದ್ಧಿಪಡಿಸಿವೆ.
ಚಿತ್ರಗಳನ್ನು ವಿಮಾನದಲ್ಲಿನ ವಸ್ತುಗಳನ್ನು ತೋರಿಸಲು ಪ್ರದರ್ಶಿಸಲಾಗಿದ್ದು ಇವುಗಳ ಪೂರಕ ಮಾಹಿತಿ ಇಲ್ಲಿದೆ.
